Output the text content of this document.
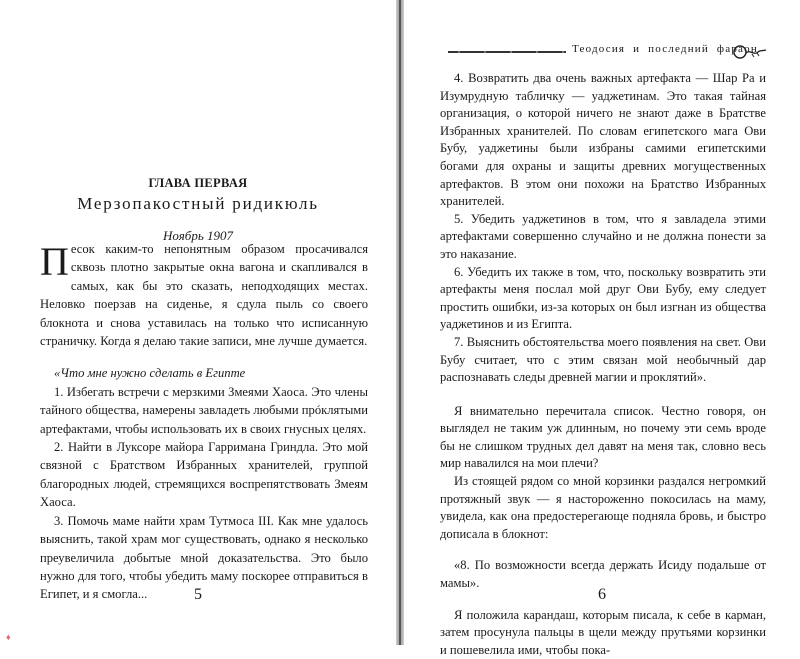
ГЛАВА ПЕРВАЯ
Мерзопакостный ридикюль
Ноябрь 1907

Песок каким-то непонятным образом просачивался сквозь плотно закрытые окна вагона и скапливался в самых, как бы это сказать, неподходящих местах. Неловко поерзав на сиденье, я сдула пыль со своего блокнота и снова уставилась на только что исписанную страничку. Когда я делаю такие записи, мне лучше думается.

«Что мне нужно сделать в Египте

1. Избегать встречи с мерзкими Змеями Хаоса. Это члены тайного общества, намерены завладеть любыми прóклятыми артефактами, чтобы использовать их в своих гнусных целях.

2. Найти в Луксоре майора Гарримана Гриндла. Это мой связной с Братством Избранных хранителей, группой благородных людей, стремящихся воспрепятствовать Змеям Хаоса.

3. Помочь маме найти храм Тутмоса III. Как мне удалось выяснить, такой храм мог существовать, однако я несколько преувеличила добытые мной доказательства. Это было нужно для того, чтобы убедить маму поскорее отправиться в Египет, и я смогла...	5
Теодосия и последний фараон

4. Возвратить два очень важных артефакта — Шар Ра и Изумрудную табличку — уаджетинам. Это такая тайная организация, о которой ничего не знают даже в Братстве Избранных хранителей. По словам египетского мага Ови Бубу, уаджетины были избраны самими египетскими богами для охраны и защиты древних могущественных артефактов. В этом они похожи на Братство Избранных хранителей.

5. Убедить уаджетинов в том, что я завладела этими артефактами совершенно случайно и не должна понести за это наказание.

6. Убедить их также в том, что, поскольку возвратить эти артефакты меня послал мой друг Ови Бубу, ему следует простить ошибки, из-за которых он был изгнан из общества уаджетинов и из Египта.

7. Выяснить обстоятельства моего появления на свет. Ови Бубу считает, что с этим связан мой необычный дар распознавать следы древней магии и проклятий».

Я внимательно перечитала список. Честно говоря, он выглядел не таким уж длинным, но почему эти семь вроде бы не слишком трудных дел давят на меня так, словно весь мир навалился на мои плечи?

Из стоящей рядом со мной корзинки раздался негромкий протяжный звук — я настороженно покосилась на маму, увидела, как она предостерегающе подняла бровь, и быстро дописала в блокнот:

«8. По возможности всегда держать Исиду подальше от мамы».

Я положила карандаш, которым писала, к себе в карман, затем просунула пальцы в щели между прутьями корзинки и пошевелила ими, чтобы пока-

6
♦
